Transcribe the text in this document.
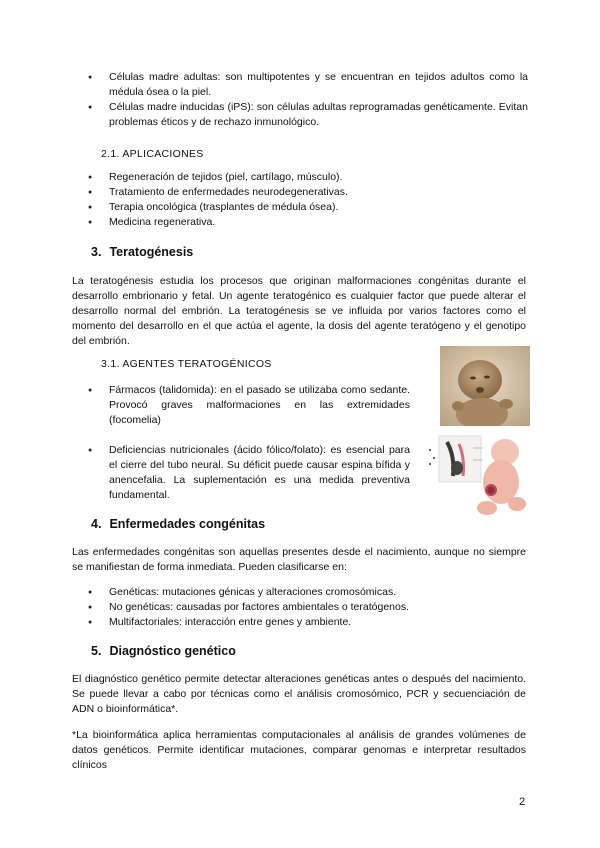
● Células madre adultas: son multipotentes y se encuentran en tejidos adultos como la médula ósea o la piel.
● Células madre inducidas (iPS): son células adultas reprogramadas genéticamente. Evitan problemas éticos y de rechazo inmunológico.
2.1. APLICACIONES
● Regeneración de tejidos (piel, cartílago, músculo).
● Tratamiento de enfermedades neurodegenerativas.
● Terapia oncológica (trasplantes de médula ósea).
● Medicina regenerativa.
3. Teratogénesis
La teratogénesis estudia los procesos que originan malformaciones congénitas durante el desarrollo embrionario y fetal. Un agente teratogénico es cualquier factor que puede alterar el desarrollo normal del embrión. La teratogénesis se ve influida por varios factores como el momento del desarrollo en el que actúa el agente, la dosis del agente teratógeno y el genotipo del embrión.
3.1. AGENTES TERATOGÉNICOS
● Fármacos (talidomida): en el pasado se utilizaba como sedante. Provocó graves malformaciones en las extremidades (focomelia)
● Deficiencias nutricionales (ácido fólico/folato): es esencial para el cierre del tubo neural. Su déficit puede causar espina bífida y anencefalia. La suplementación es una medida preventiva fundamental.
4. Enfermedades congénitas
Las enfermedades congénitas son aquellas presentes desde el nacimiento, aunque no siempre se manifiestan de forma inmediata. Pueden clasificarse en:
● Genéticas: mutaciones génicas y alteraciones cromosómicas.
● No genéticas: causadas por factores ambientales o teratógenos.
● Multifactoriales: interacción entre genes y ambiente.
5. Diagnóstico genético
El diagnóstico genético permite detectar alteraciones genéticas antes o después del nacimiento. Se puede llevar a cabo por técnicas como el análisis cromosómico, PCR y secuenciación de ADN o bioinformática*.
*La bioinformática aplica herramientas computacionales al análisis de grandes volúmenes de datos genéticos. Permite identificar mutaciones, comparar genomas e interpretar resultados clínicos
2
